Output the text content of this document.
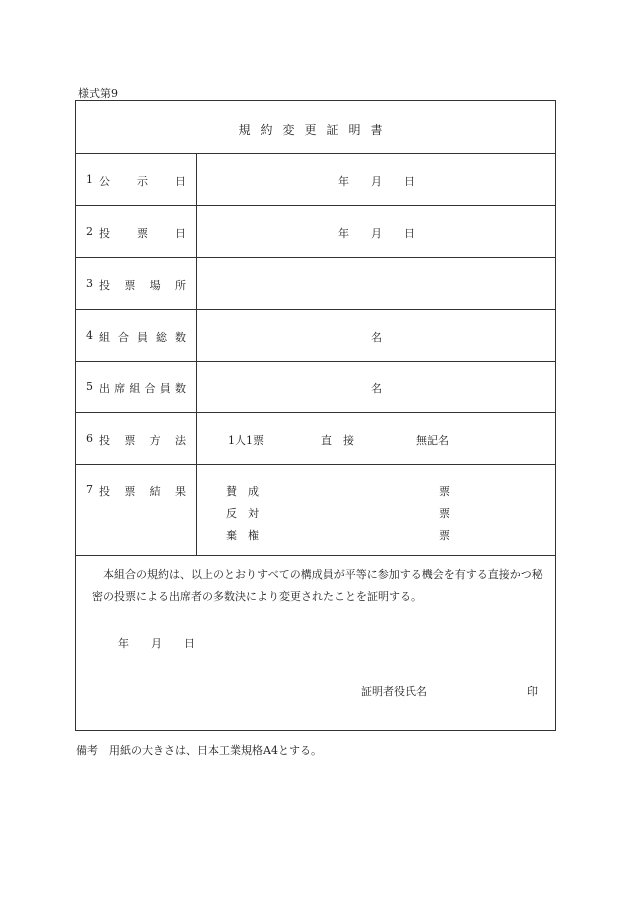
様式第9
規約変更証明書
1 公 示 日	年 月 日
2 投 票 日	年 月 日
3 投 票 場 所
4 組 合 員 総 数	名
5 出 席 組 合 員 数	名
6 投 票 方 法	1人1票	直　接	無記名
7 投 票 結 果	賛　成	票
反　対	票
棄　権	票
本組合の規約は、以上のとおりすべての構成員が平等に参加する機会を有する直接かつ秘密の投票による出席者の多数決により変更されたことを証明する。
年 月 日
証明者役氏名	印
備考　用紙の大きさは、日本工業規格A4とする。
